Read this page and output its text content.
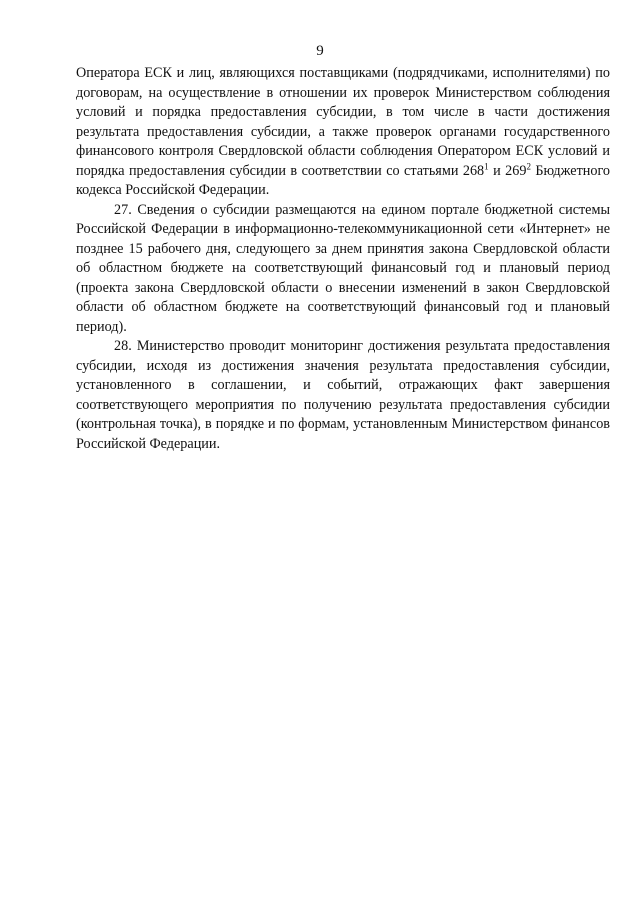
9

Оператора ЕСК и лиц, являющихся поставщиками (подрядчиками, исполнителями) по договорам, на осуществление в отношении их проверок Министерством соблюдения условий и порядка предоставления субсидии, в том числе в части достижения результата предоставления субсидии, а также проверок органами государственного финансового контроля Свердловской области соблюдения Оператором ЕСК условий и порядка предоставления субсидии в соответствии со статьями $268^1$ и $269^2$ Бюджетного кодекса Российской Федерации.

27. Сведения о субсидии размещаются на едином портале бюджетной системы Российской Федерации в информационно-телекоммуникационной сети «Интернет» не позднее 15 рабочего дня, следующего за днем принятия закона Свердловской области об областном бюджете на соответствующий финансовый год и плановый период (проекта закона Свердловской области о внесении изменений в закон Свердловской области об областном бюджете на соответствующий финансовый год и плановый период).

28. Министерство проводит мониторинг достижения результата предоставления субсидии, исходя из достижения значения результата предоставления субсидии, установленного в соглашении, и событий, отражающих факт завершения соответствующего мероприятия по получению результата предоставления субсидии (контрольная точка), в порядке и по формам, установленным Министерством финансов Российской Федерации.
